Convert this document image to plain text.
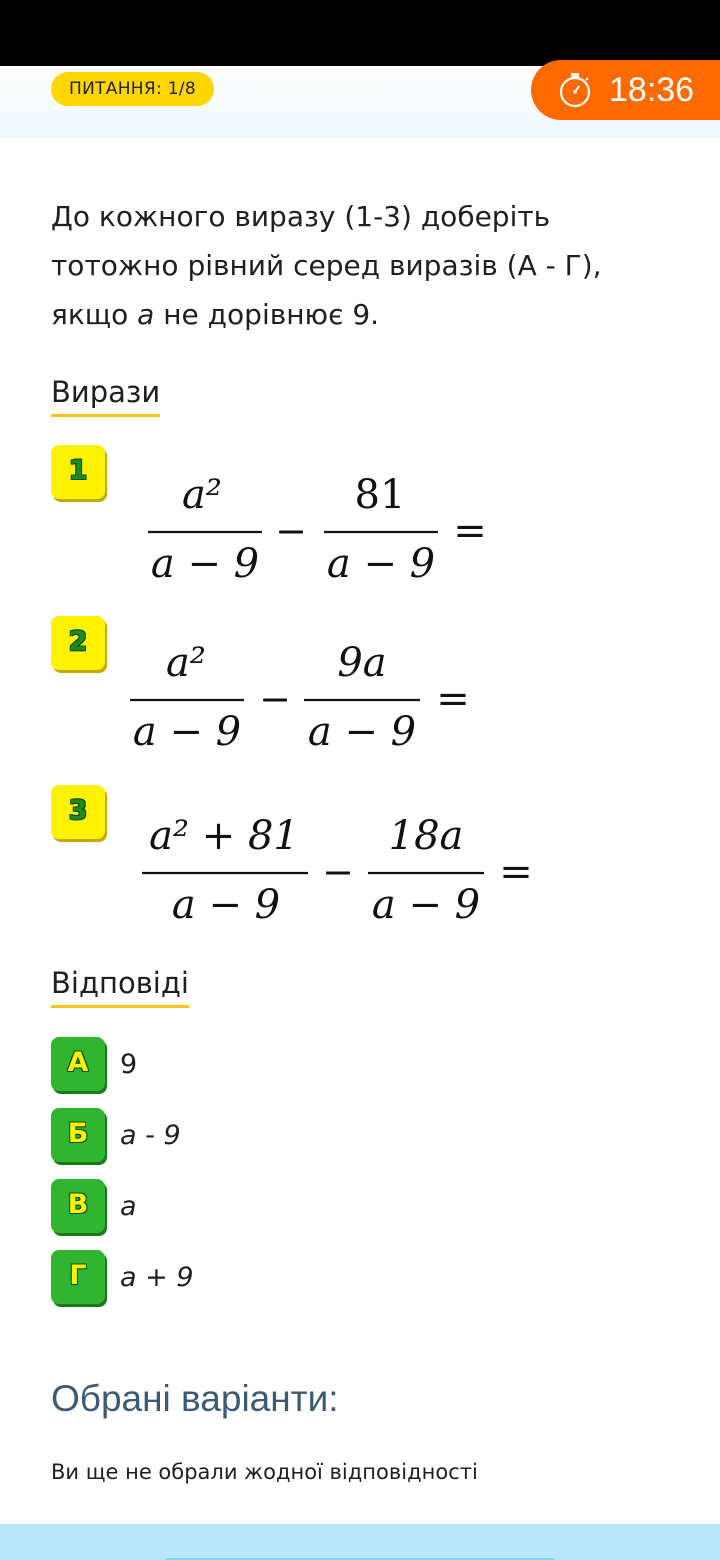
ПИТАННЯ: 1/8	18:36
До кожного виразу (1-3) доберіть тотожно рівний серед виразів (А - Г), якщо a не дорівнює 9.
Вирази
1
a²
a − 9
−
81
a − 9
=
2	a²
a − 9
−
9a
a − 9
=
3
a² + 81
a − 9
−
18a
a − 9
=
Відповіді
А	9
Б	a - 9
В	a
Г	a + 9
Обрані варіанти:
Ви ще не обрали жодної відповідності
